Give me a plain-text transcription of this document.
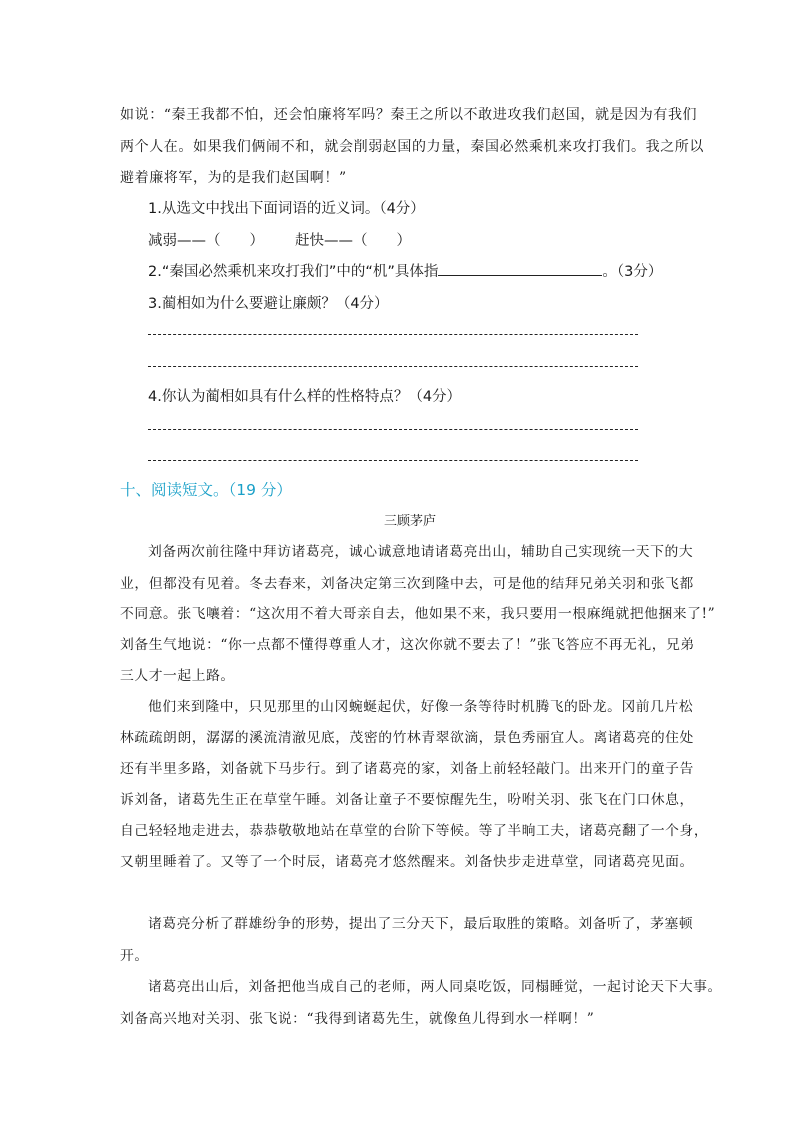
如说：“秦王我都不怕，还会怕廉将军吗？秦王之所以不敢进攻我们赵国，就是因为有我们
两个人在。如果我们俩闹不和，就会削弱赵国的力量，秦国必然乘机来攻打我们。我之所以
避着廉将军，为的是我们赵国啊！”
1.从选文中找出下面词语的近义词。（4分）
减弱——（　　） 赶快——（　　）
2.“秦国必然乘机来攻打我们”中的“机”具体指	。（3分）
3.蔺相如为什么要避让廉颇？（4分）
4.你认为蔺相如具有什么样的性格特点？（4分）
十、阅读短文。（19 分）
三顾茅庐
刘备两次前往隆中拜访诸葛亮，诚心诚意地请诸葛亮出山，辅助自己实现统一天下的大
业，但都没有见着。冬去春来，刘备决定第三次到隆中去，可是他的结拜兄弟关羽和张飞都
不同意。张飞嚷着：“这次用不着大哥亲自去，他如果不来，我只要用一根麻绳就把他捆来了!”
刘备生气地说：“你一点都不懂得尊重人才，这次你就不要去了！”张飞答应不再无礼，兄弟
三人才一起上路。
他们来到隆中，只见那里的山冈蜿蜒起伏，好像一条等待时机腾飞的卧龙。冈前几片松
林疏疏朗朗，潺潺的溪流清澈见底，茂密的竹林青翠欲滴，景色秀丽宜人。离诸葛亮的住处
还有半里多路，刘备就下马步行。到了诸葛亮的家，刘备上前轻轻敲门。出来开门的童子告
诉刘备，诸葛先生正在草堂午睡。刘备让童子不要惊醒先生，吩咐关羽、张飞在门口休息，
自己轻轻地走进去，恭恭敬敬地站在草堂的台阶下等候。等了半晌工夫，诸葛亮翻了一个身，
又朝里睡着了。又等了一个时辰，诸葛亮才悠然醒来。刘备快步走进草堂，同诸葛亮见面。
诸葛亮分析了群雄纷争的形势，提出了三分天下，最后取胜的策略。刘备听了，茅塞顿
开。
诸葛亮出山后，刘备把他当成自己的老师，两人同桌吃饭，同榻睡觉，一起讨论天下大事。
刘备高兴地对关羽、张飞说：“我得到诸葛先生，就像鱼儿得到水一样啊！”
